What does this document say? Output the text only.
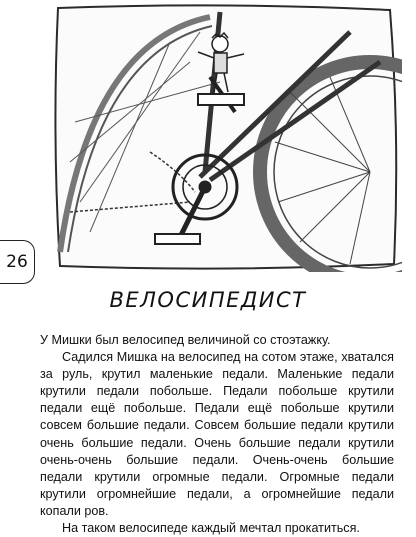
26
ВЕЛОСИПЕДИСТ

У Мишки был велосипед величиной со стоэтажку.

Садился Мишка на велосипед на сотом этаже, хватался за руль, крутил маленькие педали. Маленькие педали крутили педали побольше. Педали побольше крутили педали ещё побольше. Педали ещё побольше крутили совсем большие педали. Совсем большие педали крутили очень большие педали. Очень большие педали крутили очень-очень большие педали. Очень-очень большие педали крутили огромные педали. Огромные педали крутили огромнейшие педали, а огромнейшие педали копали ров.

На таком велосипеде каждый мечтал прокатиться.
